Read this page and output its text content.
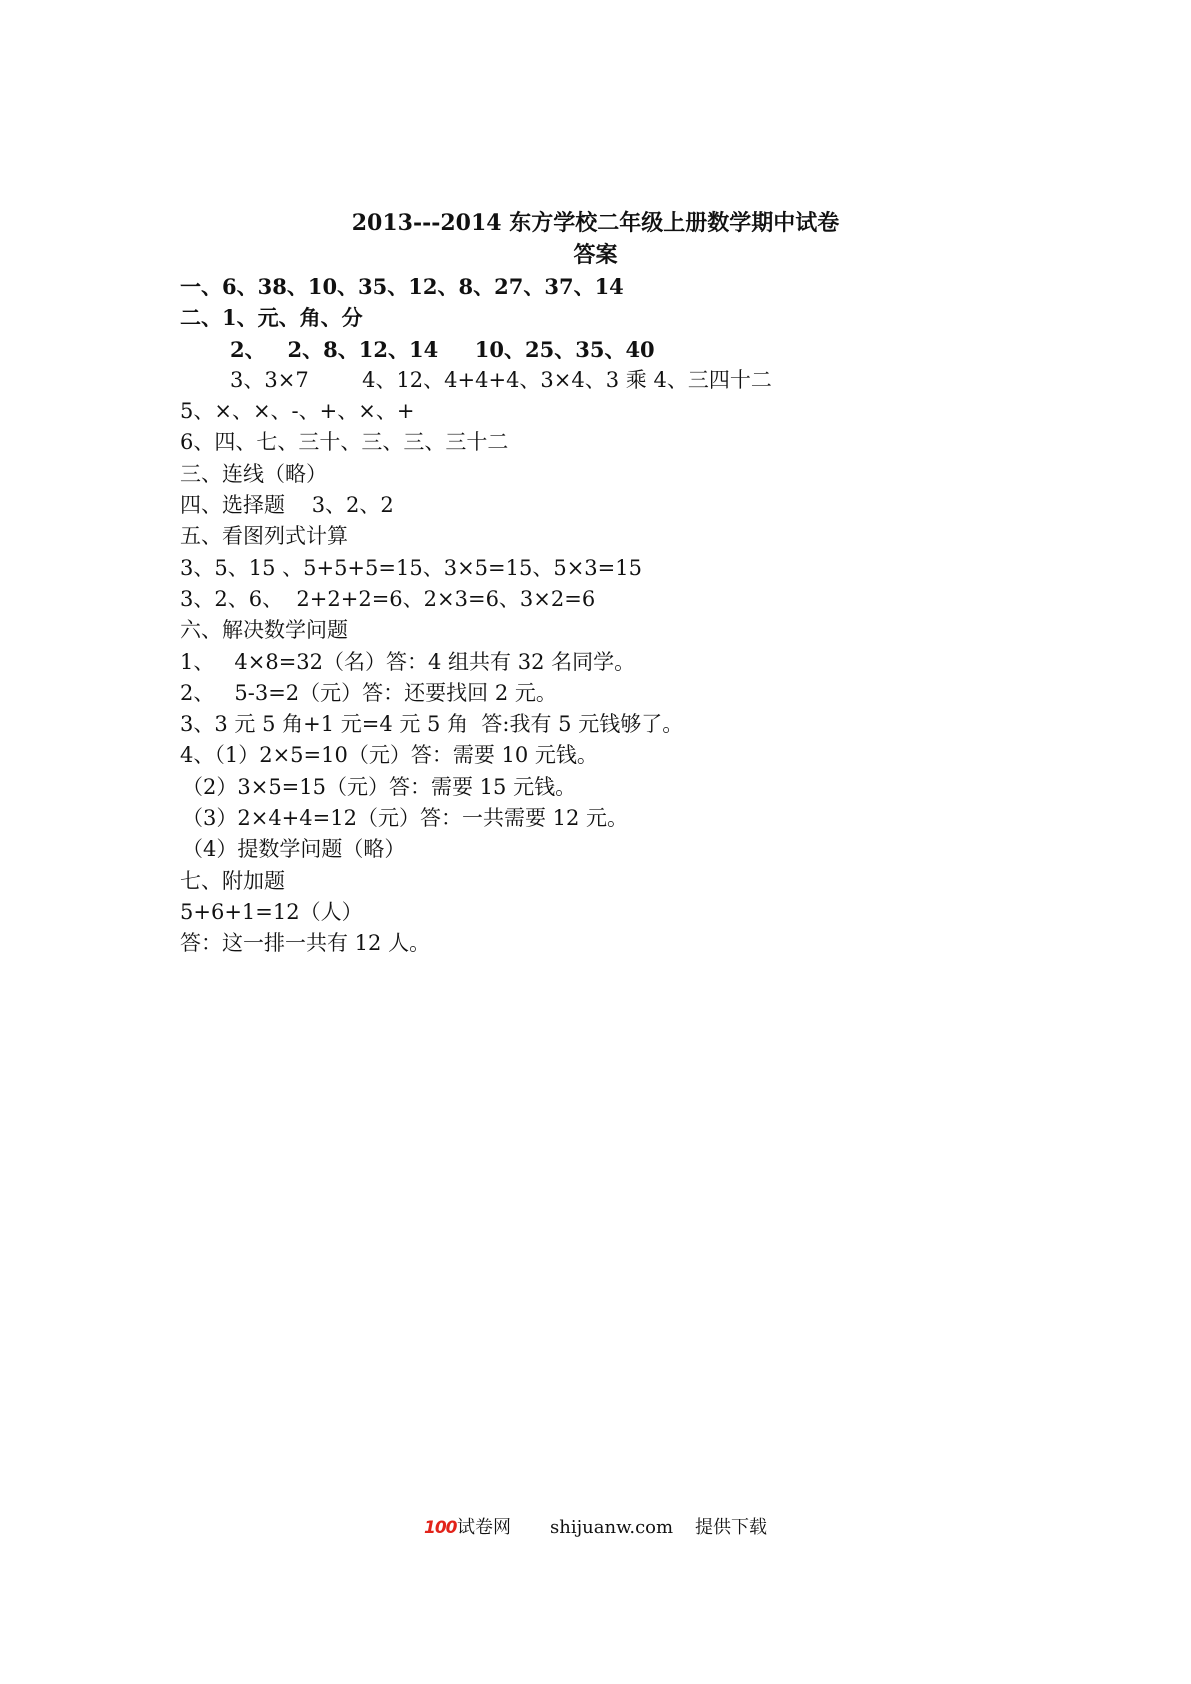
2013---2014 东方学校二年级上册数学期中试卷
答案
一、6、38、10、35、12、8、27、37、14
二、1、元、角、分
2、   2、8、12、14     10、25、35、40
3、3×7        4、12、4+4+4、3×4、3 乘 4、三四十二
5、×、×、-、+、×、+
6、四、七、三十、三、三、三十二
三、连线（略）
四、选择题    3、2、2
五、看图列式计算
3、5、15 、5+5+5=15、3×5=15、5×3=15
3、2、6、  2+2+2=6、2×3=6、3×2=6
六、解决数学问题
1、   4×8=32（名）答：4 组共有 32 名同学。
2、   5-3=2（元）答：还要找回 2 元。
3、3 元 5 角+1 元=4 元 5 角  答:我有 5 元钱够了。
4、（1）2×5=10（元）答：需要 10 元钱。
（2）3×5=15（元）答：需要 15 元钱。
（3）2×4+4=12（元）答：一共需要 12 元。
（4）提数学问题（略）
七、附加题
5+6+1=12（人）
答：这一排一共有 12 人。
100 试卷网 shijuanw.com 提供下载
